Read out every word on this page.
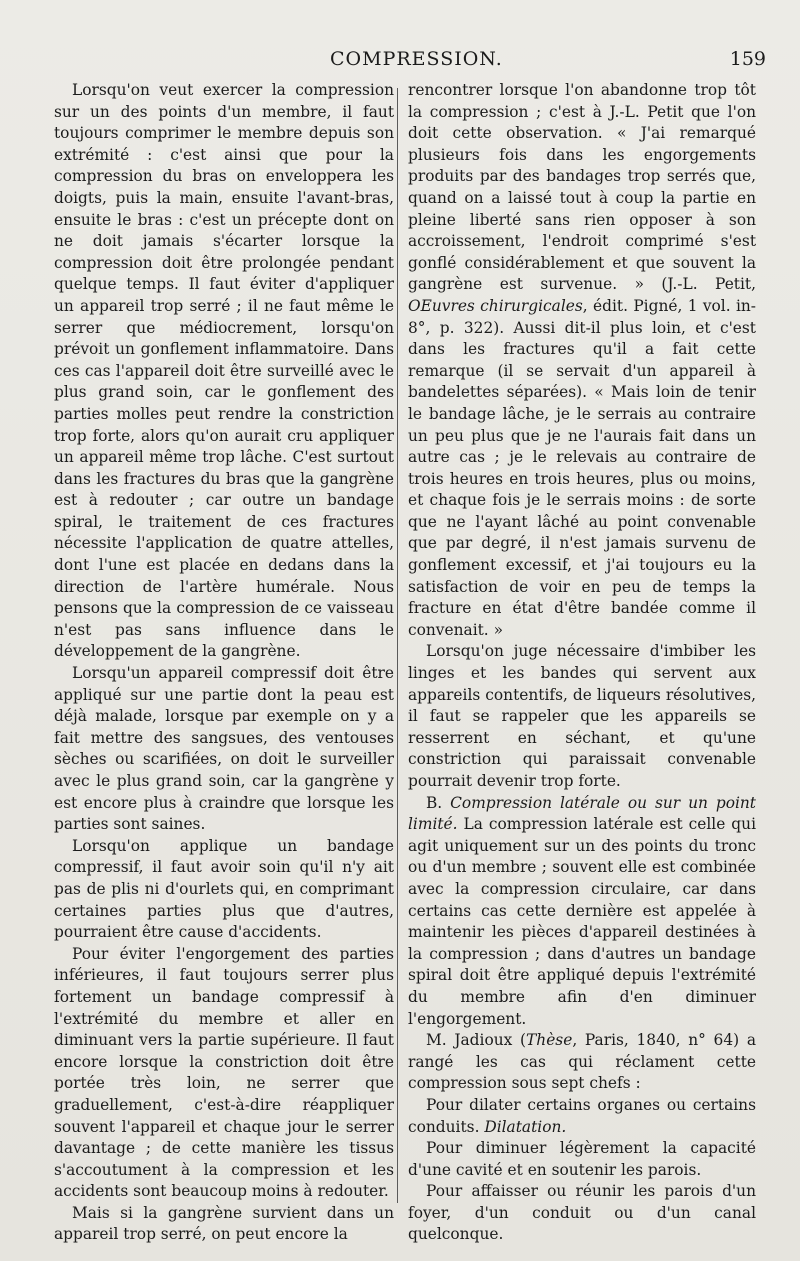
COMPRESSION.	159

Lorsqu'on veut exercer la compression sur un des points d'un membre, il faut toujours comprimer le membre depuis son extrémité : c'est ainsi que pour la compression du bras on enveloppera les doigts, puis la main, ensuite l'avant-bras, ensuite le bras : c'est un précepte dont on ne doit jamais s'écarter lorsque la compression doit être prolongée pendant quelque temps. Il faut éviter d'appliquer un appareil trop serré ; il ne faut même le serrer que médiocrement, lorsqu'on prévoit un gonflement inflammatoire. Dans ces cas l'appareil doit être surveillé avec le plus grand soin, car le gonflement des parties molles peut rendre la constriction trop forte, alors qu'on aurait cru appliquer un appareil même trop lâche. C'est surtout dans les fractures du bras que la gangrène est à redouter ; car outre un bandage spiral, le traitement de ces fractures nécessite l'application de quatre attelles, dont l'une est placée en dedans dans la direction de l'artère humérale. Nous pensons que la compression de ce vaisseau n'est pas sans influence dans le développement de la gangrène.

Lorsqu'un appareil compressif doit être appliqué sur une partie dont la peau est déjà malade, lorsque par exemple on y a fait mettre des sangsues, des ventouses sèches ou scarifiées, on doit le surveiller avec le plus grand soin, car la gangrène y est encore plus à craindre que lorsque les parties sont saines.

Lorsqu'on applique un bandage compressif, il faut avoir soin qu'il n'y ait pas de plis ni d'ourlets qui, en comprimant certaines parties plus que d'autres, pourraient être cause d'accidents.

Pour éviter l'engorgement des parties inférieures, il faut toujours serrer plus fortement un bandage compressif à l'extrémité du membre et aller en diminuant vers la partie supérieure. Il faut encore lorsque la constriction doit être portée très loin, ne serrer que graduellement, c'est-à-dire réappliquer souvent l'appareil et chaque jour le serrer davantage ; de cette manière les tissus s'accoutument à la compression et les accidents sont beaucoup moins à redouter.

Mais si la gangrène survient dans un appareil trop serré, on peut encore la

rencontrer lorsque l'on abandonne trop tôt la compression ; c'est à J.-L. Petit que l'on doit cette observation. « J'ai remarqué plusieurs fois dans les engorgements produits par des bandages trop serrés que, quand on a laissé tout à coup la partie en pleine liberté sans rien opposer à son accroissement, l'endroit comprimé s'est gonflé considérablement et que souvent la gangrène est survenue. » (J.-L. Petit, OEuvres chirurgicales, édit. Pigné, 1 vol. in-8°, p. 322). Aussi dit-il plus loin, et c'est dans les fractures qu'il a fait cette remarque (il se servait d'un appareil à bandelettes séparées). « Mais loin de tenir le bandage lâche, je le serrais au contraire un peu plus que je ne l'aurais fait dans un autre cas ; je le relevais au contraire de trois heures en trois heures, plus ou moins, et chaque fois je le serrais moins : de sorte que ne l'ayant lâché au point convenable que par degré, il n'est jamais survenu de gonflement excessif, et j'ai toujours eu la satisfaction de voir en peu de temps la fracture en état d'être bandée comme il convenait. »

Lorsqu'on juge nécessaire d'imbiber les linges et les bandes qui servent aux appareils contentifs, de liqueurs résolutives, il faut se rappeler que les appareils se resserrent en séchant, et qu'une constriction qui paraissait convenable pourrait devenir trop forte.

B. Compression latérale ou sur un point limité. La compression latérale est celle qui agit uniquement sur un des points du tronc ou d'un membre ; souvent elle est combinée avec la compression circulaire, car dans certains cas cette dernière est appelée à maintenir les pièces d'appareil destinées à la compression ; dans d'autres un bandage spiral doit être appliqué depuis l'extrémité du membre afin d'en diminuer l'engorgement.

M. Jadioux (Thèse, Paris, 1840, n° 64) a rangé les cas qui réclament cette compression sous sept chefs :

Pour dilater certains organes ou certains conduits. Dilatation.

Pour diminuer légèrement la capacité d'une cavité et en soutenir les parois.

Pour affaisser ou réunir les parois d'un foyer, d'un conduit ou d'un canal quelconque.
